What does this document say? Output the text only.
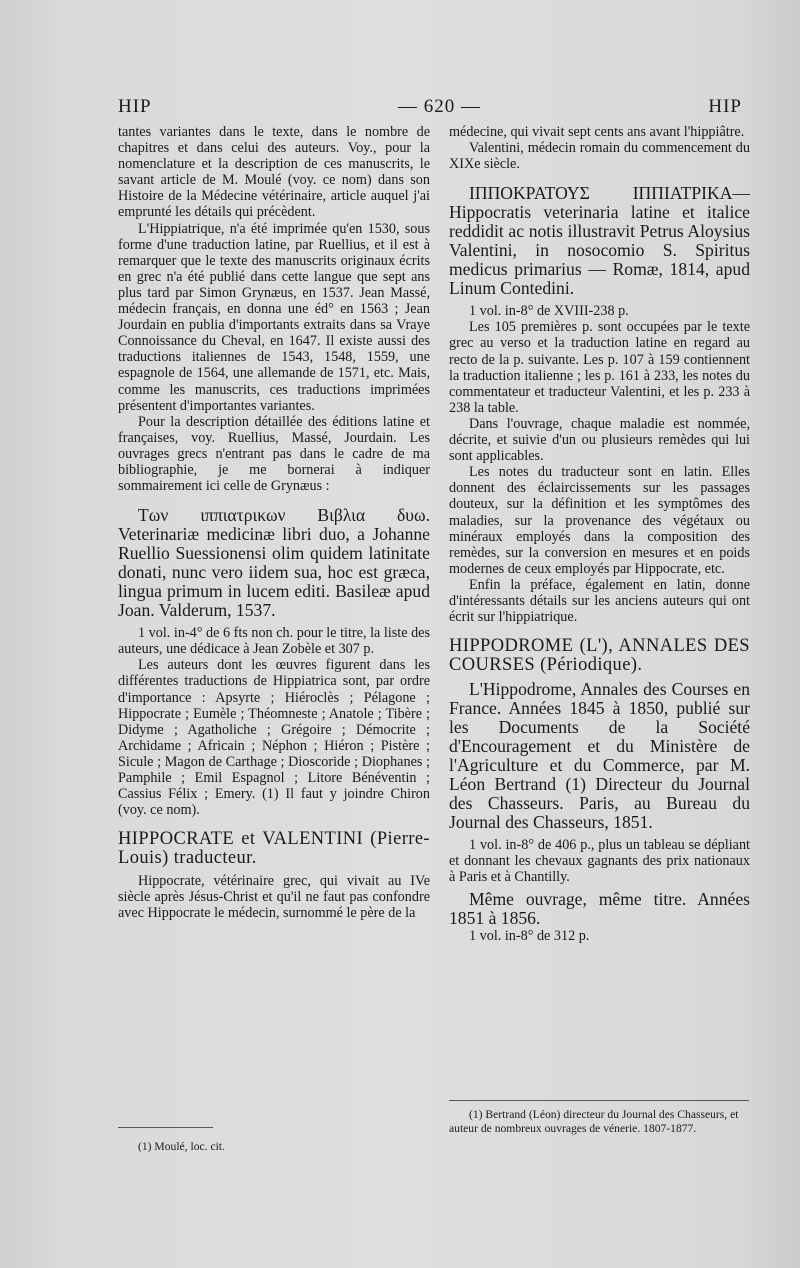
HIP	— 620 —	HIP

tantes variantes dans le texte, dans le nombre de chapitres et dans celui des auteurs. Voy., pour la nomenclature et la description de ces manuscrits, le savant article de M. Moulé (voy. ce nom) dans son Histoire de la Médecine vétérinaire, article auquel j'ai emprunté les détails qui précèdent.

L'Hippiatrique, n'a été imprimée qu'en 1530, sous forme d'une traduction latine, par Ruellius, et il est à remarquer que le texte des manuscrits originaux écrits en grec n'a été publié dans cette langue que sept ans plus tard par Simon Grynæus, en 1537. Jean Massé, médecin français, en donna une éd° en 1563 ; Jean Jourdain en publia d'importants extraits dans sa Vraye Connoissance du Cheval, en 1647. Il existe aussi des traductions italiennes de 1543, 1548, 1559, une espagnole de 1564, une allemande de 1571, etc. Mais, comme les manuscrits, ces traductions imprimées présentent d'importantes variantes.

Pour la description détaillée des éditions latine et françaises, voy. Ruellius, Massé, Jourdain. Les ouvrages grecs n'entrant pas dans le cadre de ma bibliographie, je me bornerai à indiquer sommairement ici celle de Grynæus :

Των ιππιατρικων Βιβλια δυω. Veterinariæ medicinæ libri duo, a Johanne Ruellio Suessionensi olim quidem latinitate donati, nunc vero iidem sua, hoc est græca, lingua primum in lucem editi. Basileæ apud Joan. Valderum, 1537.

1 vol. in-4° de 6 fts non ch. pour le titre, la liste des auteurs, une dédicace à Jean Zobèle et 307 p.

Les auteurs dont les œuvres figurent dans les différentes traductions de Hippiatrica sont, par ordre d'importance : Apsyrte ; Hiéroclès ; Pélagone ; Hippocrate ; Eumèle ; Théomneste ; Anatole ; Tibère ; Didyme ; Agatholiche ; Grégoire ; Démocrite ; Archidame ; Africain ; Néphon ; Hiéron ; Pistère ; Sicule ; Magon de Carthage ; Dioscoride ; Diophanes ; Pamphile ; Emil Espagnol ; Litore Bénéventin ; Cassius Félix ; Emery. (1) Il faut y joindre Chiron (voy. ce nom).

HIPPOCRATE et VALENTINI (Pierre-Louis) traducteur.

Hippocrate, vétérinaire grec, qui vivait au IVe siècle après Jésus-Christ et qu'il ne faut pas confondre avec Hippocrate le médecin, surnommé le père de la

(1) Moulé, loc. cit.

médecine, qui vivait sept cents ans avant l'hippiâtre.

Valentini, médecin romain du commencement du XIXe siècle.

ΙΠΠΟΚΡΑΤΟΥΣ ΙΠΠΙΑΤΡΙΚΑ—Hippocratis veterinaria latine et italice reddidit ac notis illustravit Petrus Aloysius Valentini, in nosocomio S. Spiritus medicus primarius — Romæ, 1814, apud Linum Contedini.

1 vol. in-8° de XVIII-238 p.

Les 105 premières p. sont occupées par le texte grec au verso et la traduction latine en regard au recto de la p. suivante. Les p. 107 à 159 contiennent la traduction italienne ; les p. 161 à 233, les notes du commentateur et traducteur Valentini, et les p. 233 à 238 la table.

Dans l'ouvrage, chaque maladie est nommée, décrite, et suivie d'un ou plusieurs remèdes qui lui sont applicables.

Les notes du traducteur sont en latin. Elles donnent des éclaircissements sur les passages douteux, sur la définition et les symptômes des maladies, sur la provenance des végétaux ou minéraux employés dans la composition des remèdes, sur la conversion en mesures et en poids modernes de ceux employés par Hippocrate, etc.

Enfin la préface, également en latin, donne d'intéressants détails sur les anciens auteurs qui ont écrit sur l'hippiatrique.

HIPPODROME (L'), ANNALES DES COURSES (Périodique).

L'Hippodrome, Annales des Courses en France. Années 1845 à 1850, publié sur les Documents de la Société d'Encouragement et du Ministère de l'Agriculture et du Commerce, par M. Léon Bertrand (1) Directeur du Journal des Chasseurs. Paris, au Bureau du Journal des Chasseurs, 1851.

1 vol. in-8° de 406 p., plus un tableau se dépliant et donnant les chevaux gagnants des prix nationaux à Paris et à Chantilly.

Même ouvrage, même titre. Années 1851 à 1856.

1 vol. in-8° de 312 p.

(1) Bertrand (Léon) directeur du Journal des Chasseurs, et auteur de nombreux ouvrages de vénerie. 1807-1877.
